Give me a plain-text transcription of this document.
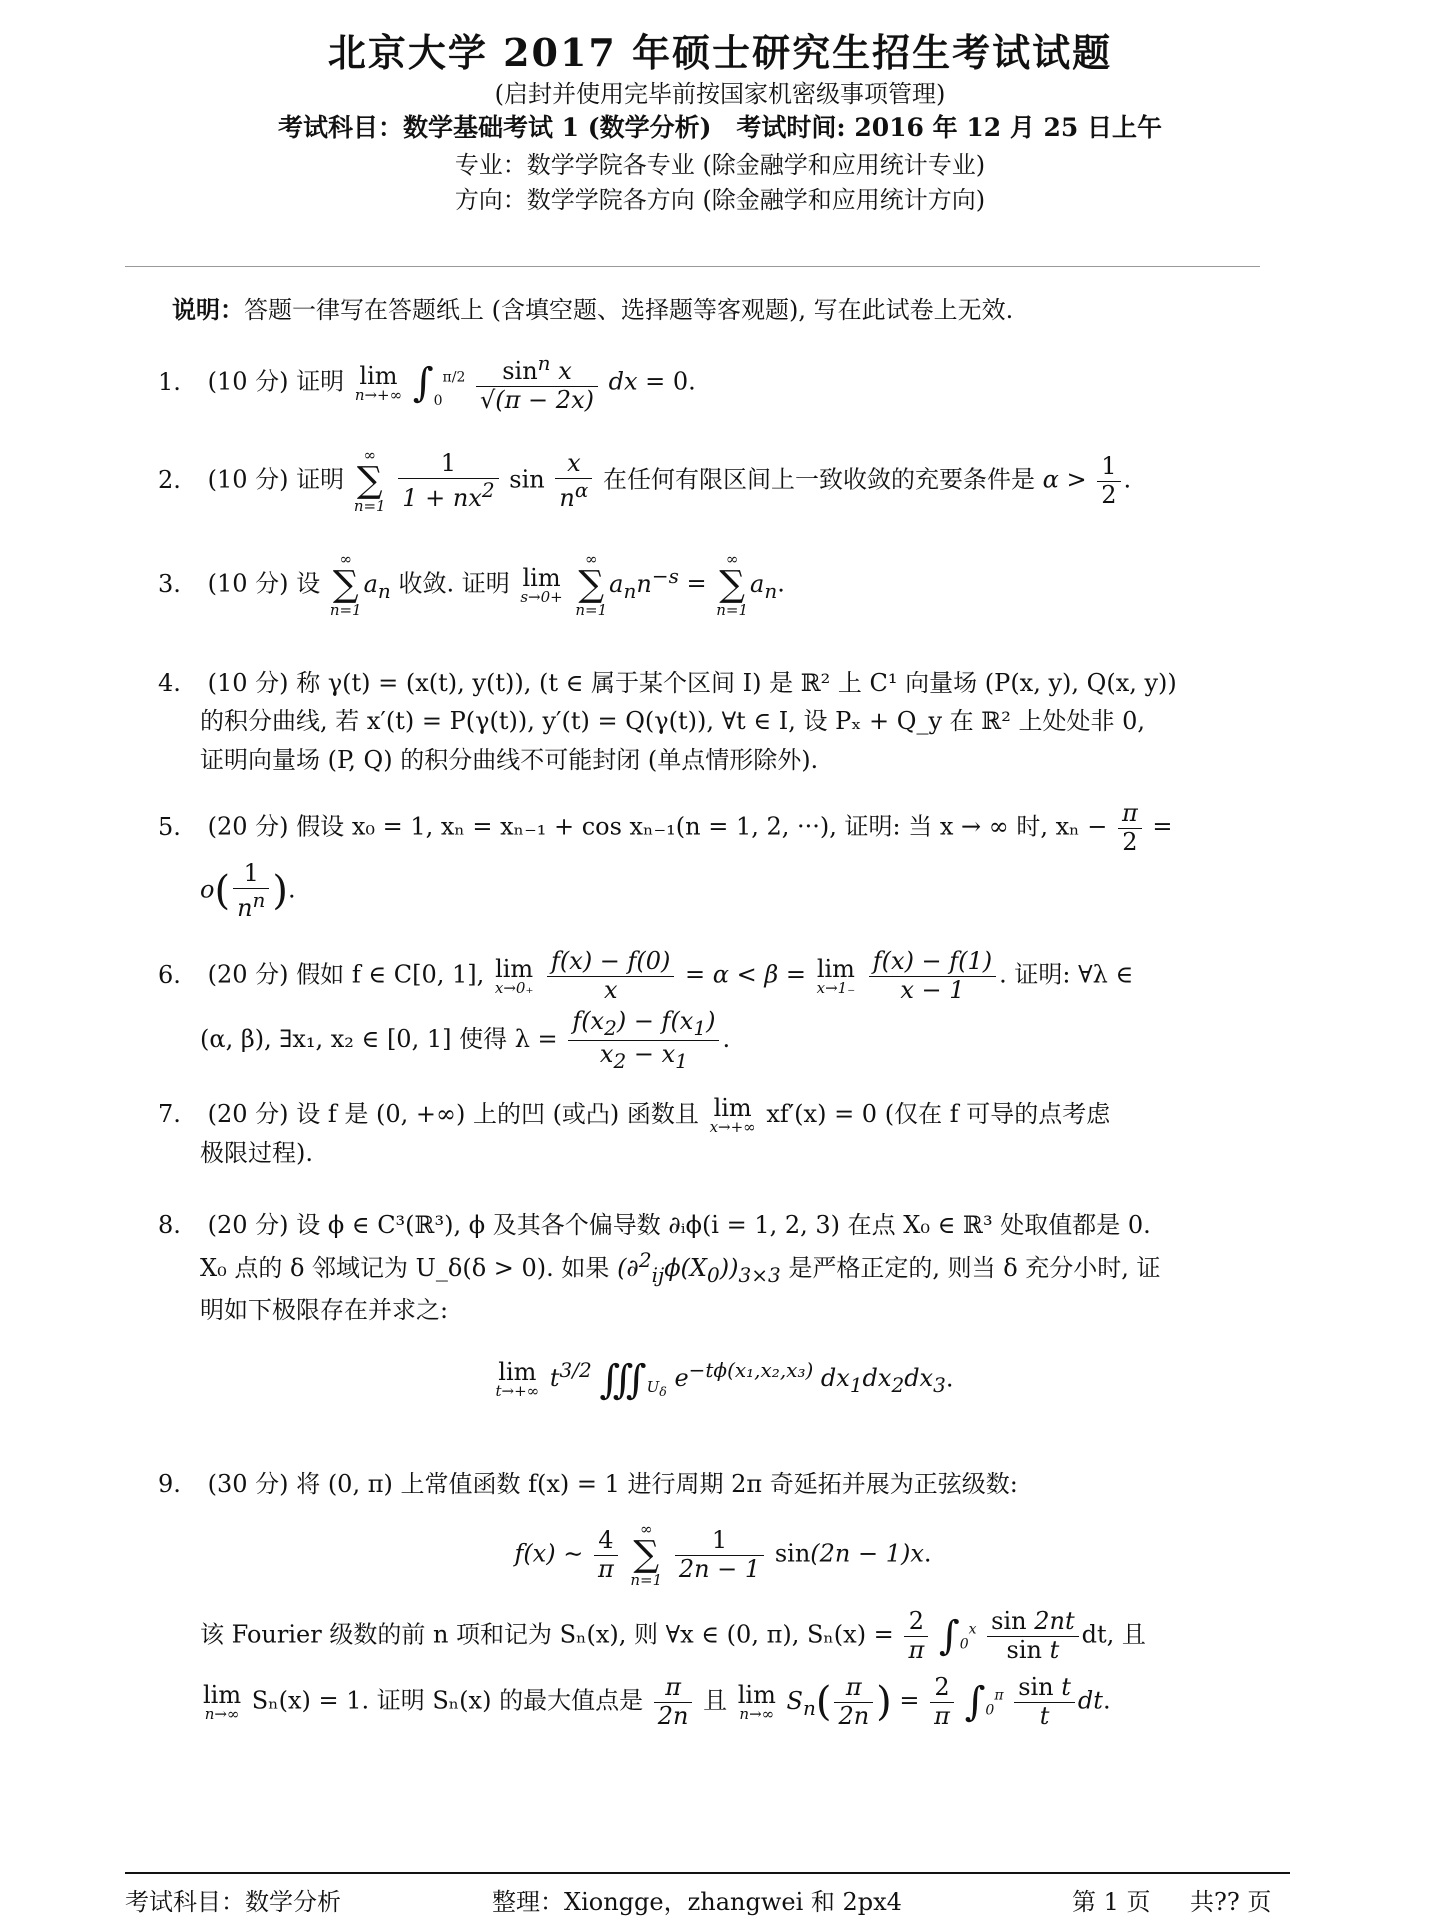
北京大学 2017 年硕士研究生招生考试试题
(启封并使用完毕前按国家机密级事项管理)
考试科目：数学基础考试 1 (数学分析)　考试时间: 2016 年 12 月 25 日上午
专业：数学学院各专业 (除金融学和应用统计专业)
方向：数学学院各方向 (除金融学和应用统计方向)
说明：答题一律写在答题纸上 (含填空题、选择题等客观题), 写在此试卷上无效.
1. (10 分) 证明 lim
n→+∞ $\int_0^{\pi/2} \frac{\sin^n x}{√(\pi - 2x)}$ dx = 0.
2. (10 分) 证明
∞
∑
n=1
$\frac{1}{1 + nx^2}$ $\sin \frac{x}{n^\alpha}$ 在任何有限区间上一致收敛的充要条件是 $\alpha > \frac{1}{2}$ .
3. (10 分) 设
∞
∑
n=1
$a_n$ 收敛. 证明 lim
s→0+

∞
∑
n=1
$a_nn^{-s}$ =
∞
∑
n=1
$a_n$.
4. (10 分) 称 γ(t) = (x(t), y(t)), (t ∈ 属于某个区间 I) 是 ℝ² 上 C¹ 向量场 (P(x, y), Q(x, y))
的积分曲线, 若 x′(t) = P(γ(t)), y′(t) = Q(γ(t)), ∀t ∈ I, 设 Pₓ + Q_y 在 ℝ² 上处处非 0,
证明向量场 (P, Q) 的积分曲线不可能封闭 (单点情形除外).
5. (20 分) 假设 x₀ = 1, xₙ = xₙ₋₁ + cos xₙ₋₁(n = 1, 2, ···), 证明: 当 x → ∞ 时, $x_n - \frac{\pi}{2}$ =
$o( \frac{1}{n^n}$ ).
6. (20 分) 假如 f ∈ C[0, 1], lim
x→0₊
$\frac{f(x) - f(0)}{x} = \alpha < \beta = \lim$
x→1₋
$\frac{f(x) - f(1)}{x - 1}$ . 证明: ∀λ ∈
(α, β), ∃x₁, x₂ ∈ [0, 1] 使得 $\lambda = \frac{f(x_2) - f(x_1)}{x_2 - x_1}$ .
7. (20 分) 设 f 是 (0, +∞) 上的凹 (或凸) 函数且 lim
x→+∞ xf′(x) = 0 (仅在 f 可导的点考虑
极限过程).
8. (20 分) 设 ϕ ∈ C³(ℝ³), ϕ 及其各个偏导数 ∂ᵢϕ(i = 1, 2, 3) 在点 X₀ ∈ ℝ³ 处取值都是 0.
X₀ 点的 δ 邻域记为 U_δ(δ > 0). 如果 $(\partial^2_{ij}\phi(X_0))_{3\times 3}$ 是严格正定的, 则当 δ 充分小时, 证
明如下极限存在并求之:
lim
t→+∞ $t^{3/2}$ $∭_{U_\delta}$ $e^{-t\phi(x_1,x_2,x_3)}$ $dx_1dx_2dx_3$.
9. (30 分) 将 (0, π) 上常值函数 f(x) = 1 进行周期 2π 奇延拓并展为正弦级数:
f(x) ∼ $\frac{4}{\pi}$
	∞
∑
n=1
$\frac{1}{2n - 1} \sin(2n - 1)x$.
该 Fourier 级数的前 n 项和记为 Sₙ(x), 则 ∀x ∈ (0, π), $S_n(x) = \frac{2}{\pi} \int_0^x \frac{\sin 2nt}{\text{sin t}}$ dt, 且
lim
n→∞ Sₙ(x) = 1. 证明 Sₙ(x) 的最大值点是 $\frac{\pi}{2n}$ 且 lim
n→∞ $S_n( \frac{\pi}{2n}$ ) = $\frac{2}{\pi} \int_0^\pi \frac{\text{sin t}}{t}$ dt.
考试科目：数学分析	整理：Xiongge，zhangwei 和 2px4	第 1 页 共?? 页
